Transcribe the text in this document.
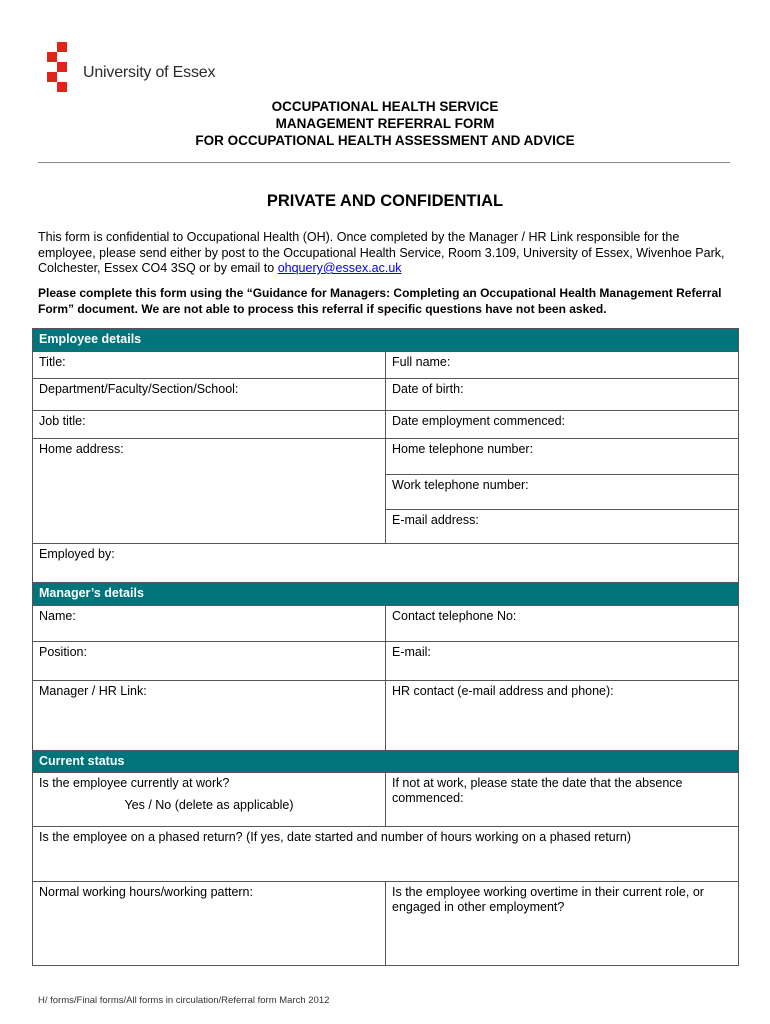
University of Essex
OCCUPATIONAL HEALTH SERVICE
MANAGEMENT REFERRAL FORM
FOR OCCUPATIONAL HEALTH ASSESSMENT AND ADVICE
PRIVATE AND CONFIDENTIAL
This form is confidential to Occupational Health (OH). Once completed by the Manager / HR Link responsible for the employee, please send either by post to the Occupational Health Service, Room 3.109, University of Essex, Wivenhoe Park, Colchester, Essex CO4 3SQ or by email to ohquery@essex.ac.uk
Please complete this form using the “Guidance for Managers: Completing an Occupational Health Management Referral Form” document. We are not able to process this referral if specific questions have not been asked.
Employee details	
Title:	Full name:
Department/Faculty/Section/School:	Date of birth:
Job title:	Date employment commenced:
Home address:	Home telephone number:
	Work telephone number:
	E-mail address:
Employed by:	
Manager’s details	
Name:	Contact telephone No:
Position:	E-mail:
Manager / HR Link:	HR contact (e-mail address and phone):
Current status	

Is the employee currently at work?
Yes / No (delete as applicable)	If not at work, please state the date that the absence commenced:
Is the employee on a phased return? (If yes, date started and number of hours working on a phased return)	
Normal working hours/working pattern:	Is the employee working overtime in their current role, or engaged in other employment?
H/ forms/Final forms/All forms in circulation/Referral form March 2012
